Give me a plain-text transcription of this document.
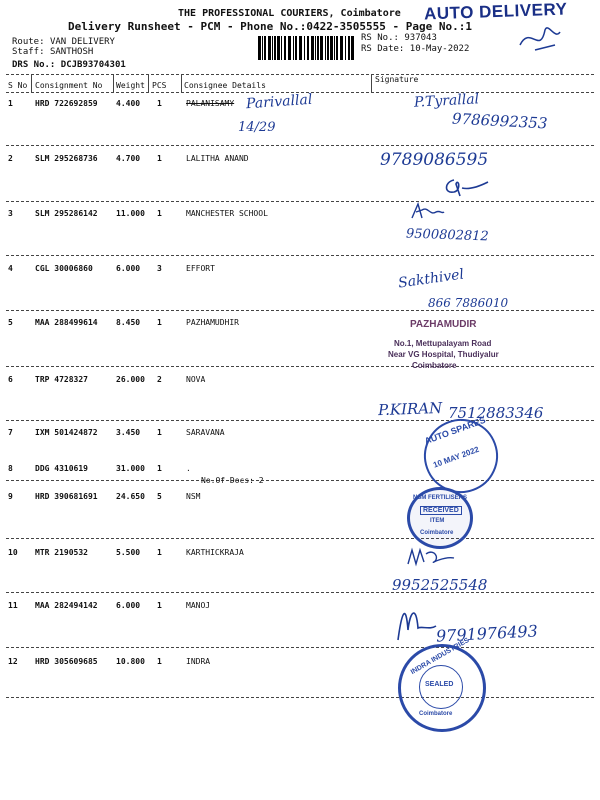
THE PROFESSIONAL COURIERS, Coimbatore
Delivery Runsheet - PCM - Phone No.:0422-3505555 - Page No.:1
AUTO DELIVERY
Route: VAN DELIVERY
Staff: SANTHOSH
DRS No.: DCJB93704301
RS No.: 937043
RS Date: 10-May-2022
S No Consignment No Weight PCS Consignee Details
Signature
1	HRD 722692859 4.400 1	PALANISAMY
2	SLM 295268736 4.700 1	LALITHA ANAND
3	SLM 295286142 11.000 1	MANCHESTER SCHOOL
4	CGL 30006860	6.000 3	EFFORT
5	MAA 288499614 8.450 1	PAZHAMUDHIR
6	TRP 4728327	26.000 2	NOVA
7	IXM 501424872 3.450 1	SARAVANA
8	DDG 4310619	31.000 1	.
No.Of Docs: 2
9	HRD 390681691 24.650 5	NSM
10 MTR 2190532	5.500 1	KARTHICKRAJA
11 MAA 282494142 6.000 1	MANOJ
12 HRD 305609685 10.800 1	INDRA
Parivallal
14/29
P.Tyrallal
9786992353
9789086595
9500802812
Sakthivel
866 7886010
P.KIRAN 7512883346
9952525548
9791976493
PAZHAMUDIR
No.1, Mettupalayam Road
Near VG Hospital, Thudiyalur
Coimbatore
AUTO SPARES
10 MAY 2022
NSM FERTILISERS
RECEIVED
ITEM
Coimbatore
INDRA INDUSTRIES
SEALED
Coimbatore
